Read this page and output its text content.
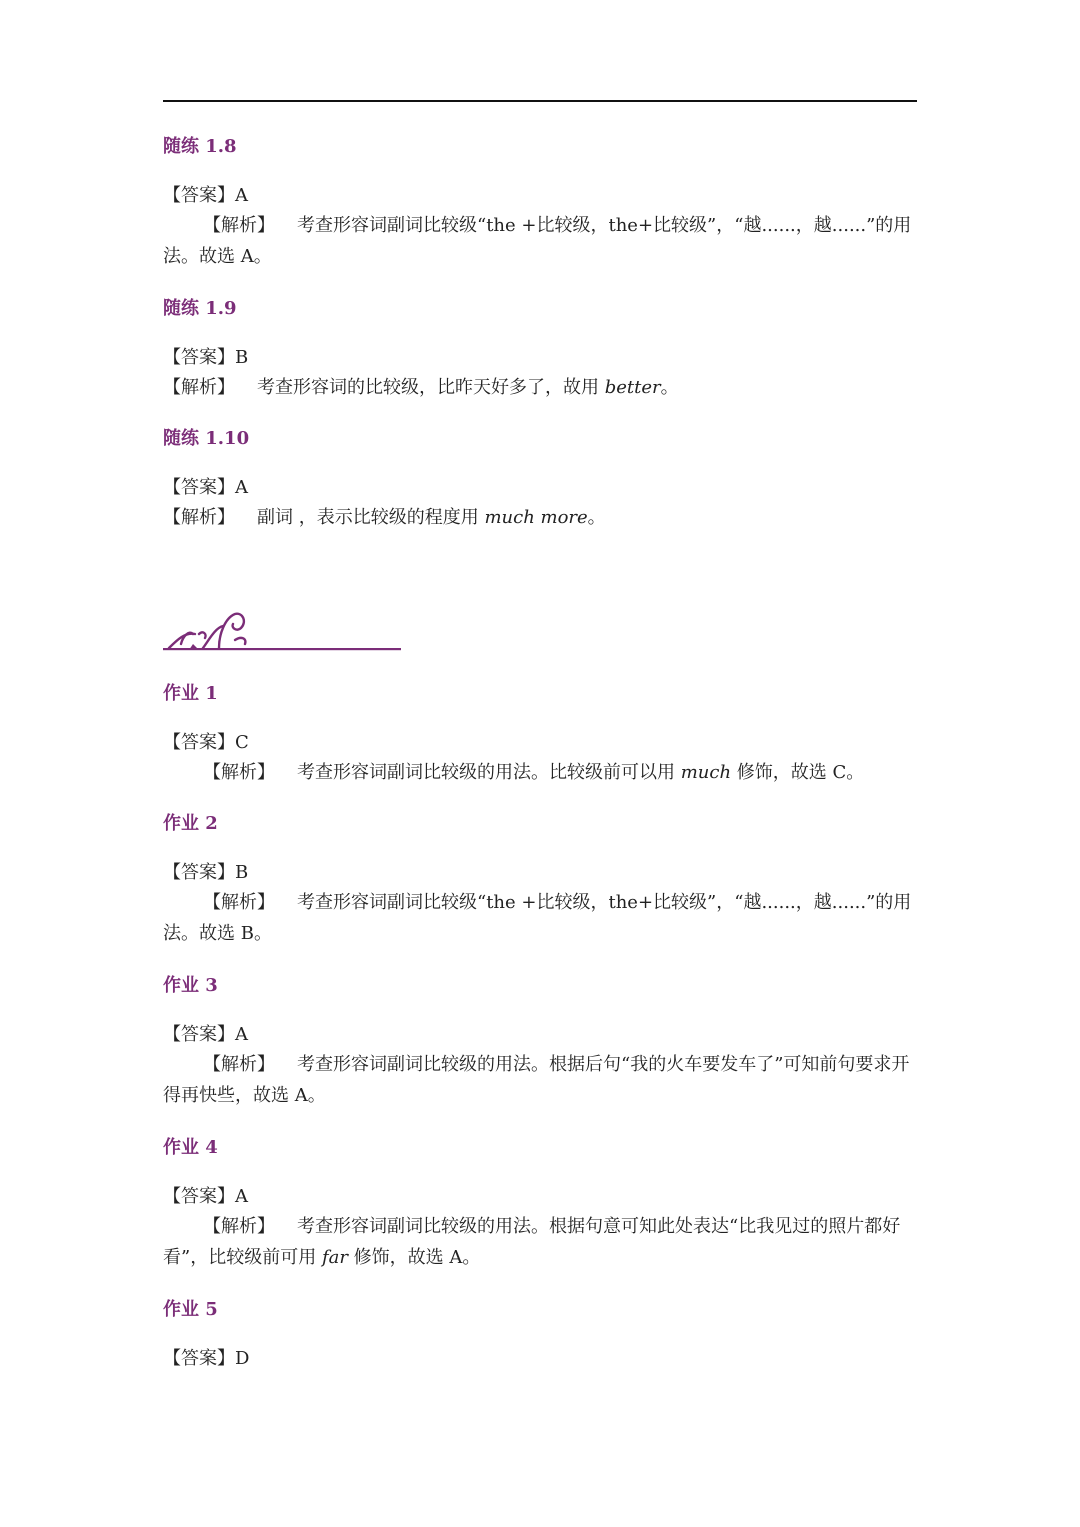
随练 1.8
【答案】A
【解析】 考查形容词副词比较级“the +比较级，the+比较级”，“越......，越......”的用法。故选 A。
随练 1.9
【答案】B
【解析】 考查形容词的比较级，比昨天好多了，故用 better。
随练 1.10
【答案】A
【解析】 副词 ，表示比较级的程度用 much more。
作业 1
【答案】C
【解析】 考查形容词副词比较级的用法。比较级前可以用 much 修饰，故选 C。
作业 2
【答案】B
【解析】 考查形容词副词比较级“the +比较级，the+比较级”，“越......，越......”的用法。故选 B。
作业 3
【答案】A
【解析】 考查形容词副词比较级的用法。根据后句“我的火车要发车了”可知前句要求开得再快些，故选 A。
作业 4
【答案】A
【解析】 考查形容词副词比较级的用法。根据句意可知此处表达“比我见过的照片都好看”，比较级前可用 far 修饰，故选 A。
作业 5
【答案】D
